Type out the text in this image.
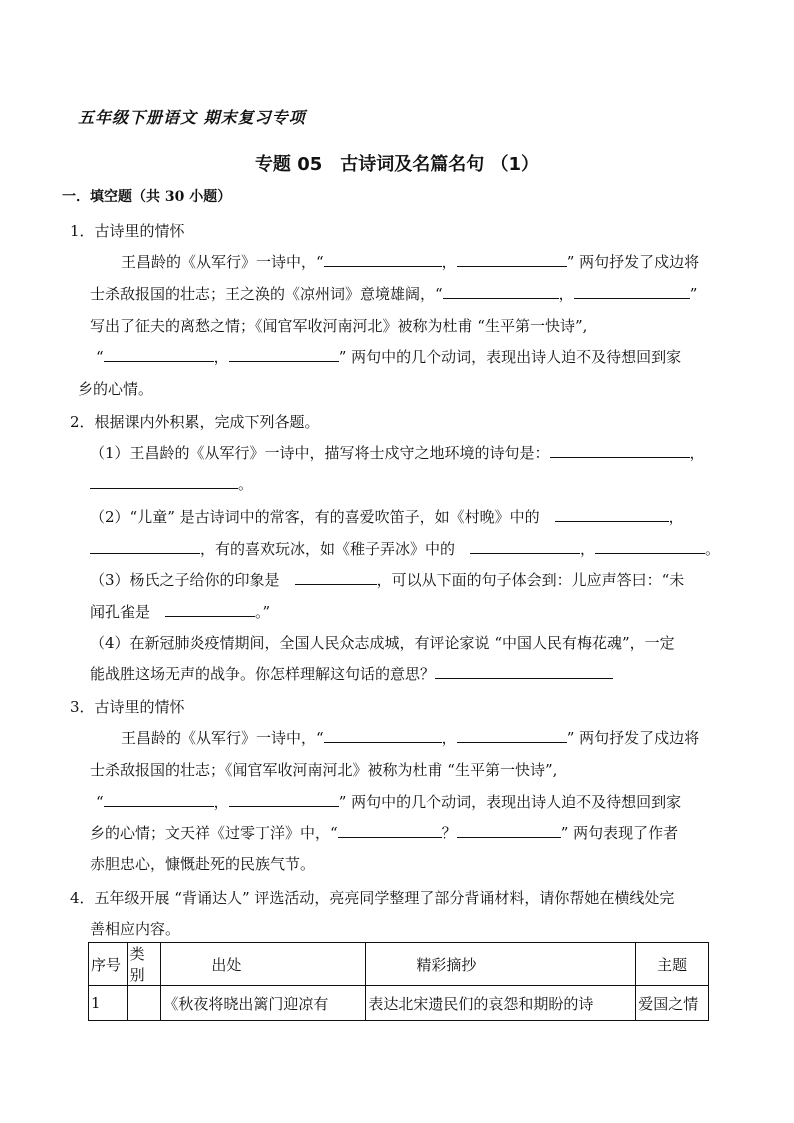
五年级下册语文 期末复习专项
专题 05　古诗词及名篇名句 （1）
一．填空题（共 30 小题）
1．古诗里的情怀
王昌龄的《从军行》一诗中，“	，	” 两句抒发了戍边将
士杀敌报国的壮志；王之涣的《凉州词》意境雄阔，“	，	”
写出了征夫的离愁之情；《闻官军收河南河北》被称为杜甫 “生平第一快诗”,
“	，	” 两句中的几个动词，表现出诗人迫不及待想回到家
乡的心情。
2．根据课内外积累，完成下列各题。
（1）王昌龄的《从军行》一诗中，描写将士戍守之地环境的诗句是：	，
。
（2）“儿童” 是古诗词中的常客，有的喜爱吹笛子，如《村晚》中的　	，
，有的喜欢玩冰，如《稚子弄冰》中的　	，	。
（3）杨氏之子给你的印象是　	，可以从下面的句子体会到：儿应声答曰：“未
闻孔雀是　	。”
（4）在新冠肺炎疫情期间，全国人民众志成城，有评论家说 “中国人民有梅花魂”，一定
能战胜这场无声的战争。你怎样理解这句话的意思？
3．古诗里的情怀
王昌龄的《从军行》一诗中，“	，	” 两句抒发了戍边将
士杀敌报国的壮志；《闻官军收河南河北》被称为杜甫 “生平第一快诗”,
“	，	” 两句中的几个动词，表现出诗人迫不及待想回到家
乡的心情；文天祥《过零丁洋》中，“	？	” 两句表现了作者
赤胆忠心，慷慨赴死的民族气节。
4．五年级开展 “背诵达人” 评选活动，亮亮同学整理了部分背诵材料，请你帮她在横线处完
善相应内容。
序号	类别	出处	精彩摘抄	主题
1		《秋夜将晓出篱门迎凉有	表达北宋遗民们的哀怨和期盼的诗	爱国之情
